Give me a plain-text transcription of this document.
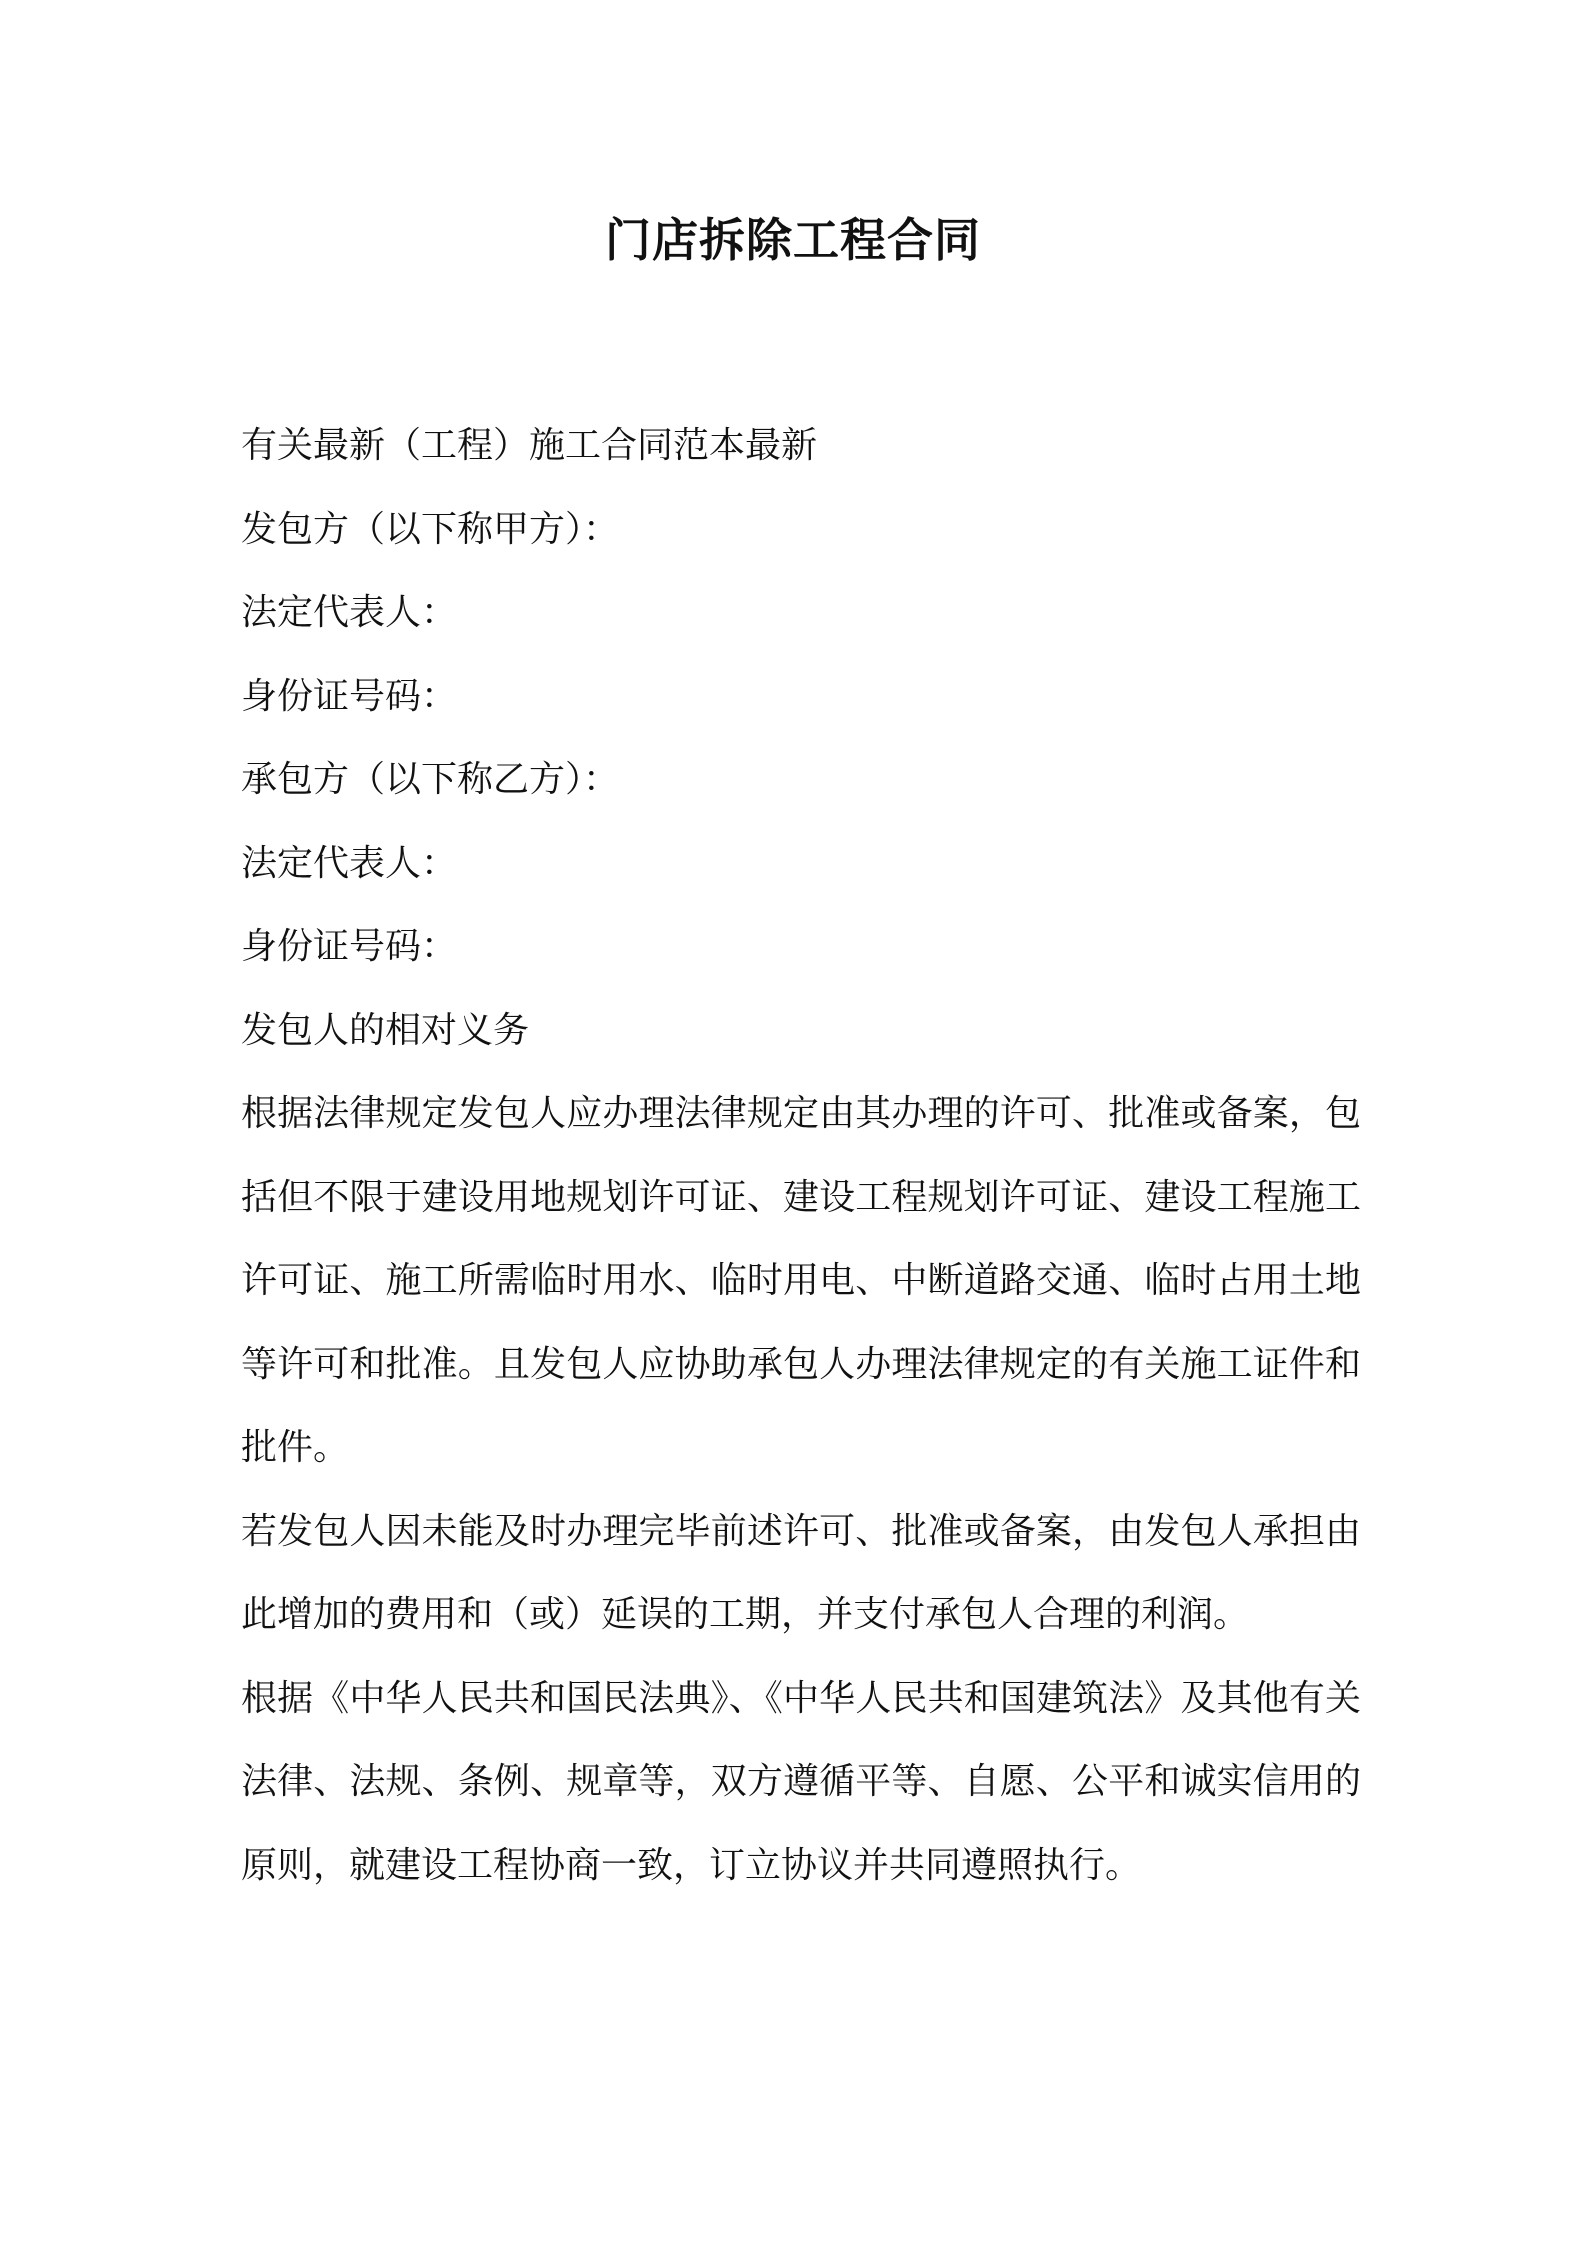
门店拆除工程合同

有关最新（工程）施工合同范本最新

发包方（以下称甲方）：

法定代表人：

身份证号码：

承包方（以下称乙方）：

法定代表人：

身份证号码：

发包人的相对义务

根据法律规定发包人应办理法律规定由其办理的许可、批准或备案，包括但不限于建设用地规划许可证、建设工程规划许可证、建设工程施工许可证、施工所需临时用水、临时用电、中断道路交通、临时占用土地等许可和批准。且发包人应协助承包人办理法律规定的有关施工证件和批件。

若发包人因未能及时办理完毕前述许可、批准或备案，由发包人承担由此增加的费用和（或）延误的工期，并支付承包人合理的利润。

根据《中华人民共和国民法典》、《中华人民共和国建筑法》及其他有关法律、法规、条例、规章等，双方遵循平等、自愿、公平和诚实信用的原则，就建设工程协商一致，订立协议并共同遵照执行。
